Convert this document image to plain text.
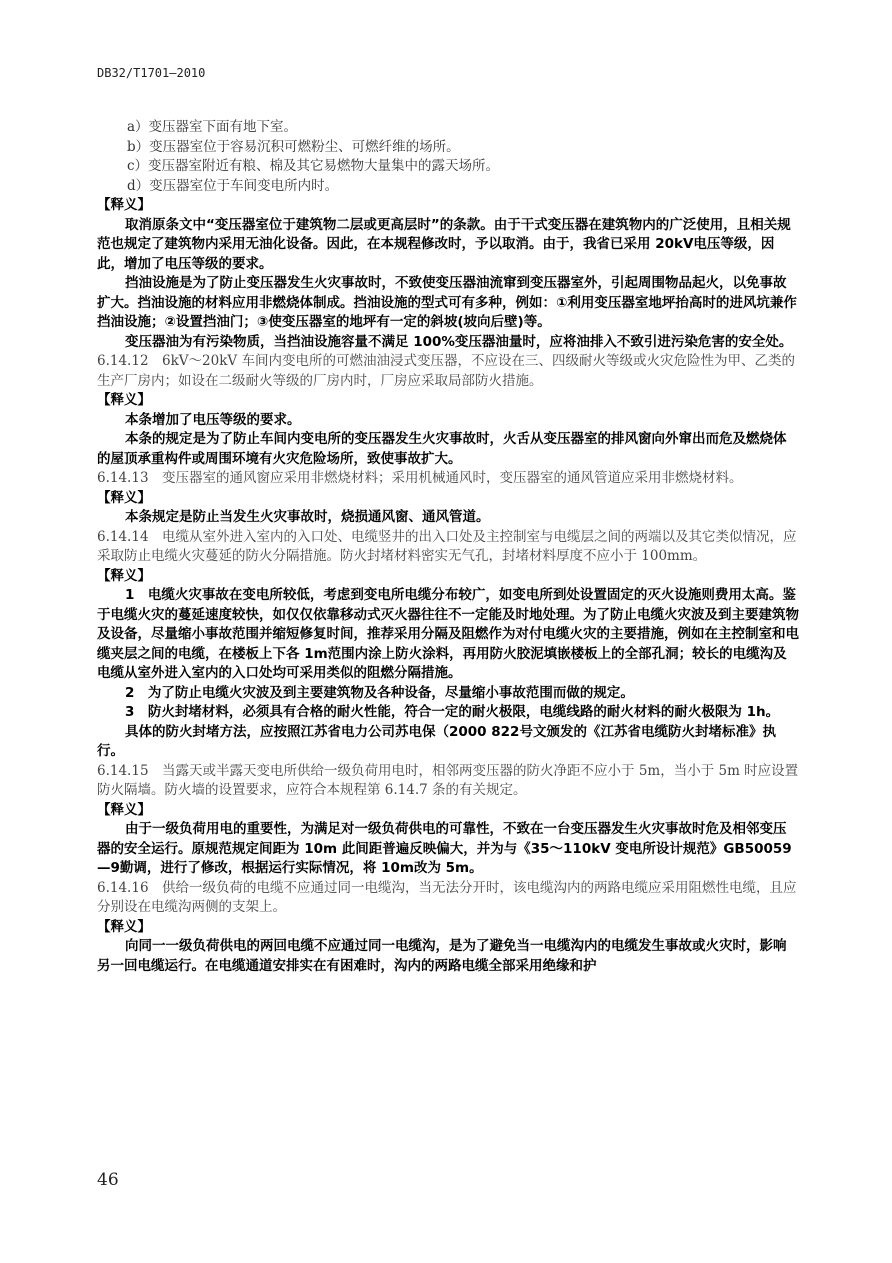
DB32/T1701—2010

a）变压器室下面有地下室。

b）变压器室位于容易沉积可燃粉尘、可燃纤维的场所。

c）变压器室附近有粮、棉及其它易燃物大量集中的露天场所。

d）变压器室位于车间变电所内时。

【释义】

取消原条文中“变压器室位于建筑物二层或更高层时”的条款。由于干式变压器在建筑物内的广泛使用，且相关规范也规定了建筑物内采用无油化设备。因此，在本规程修改时，予以取消。由于，我省已采用 20kV电压等级，因此，增加了电压等级的要求。

挡油设施是为了防止变压器发生火灾事故时，不致使变压器油流窜到变压器室外，引起周围物品起火，以免事故扩大。挡油设施的材料应用非燃烧体制成。挡油设施的型式可有多种，例如：①利用变压器室地坪抬高时的进风坑兼作挡油设施；②设置挡油门；③使变压器室的地坪有一定的斜坡(坡向后壁)等。

变压器油为有污染物质，当挡油设施容量不满足 100%变压器油量时，应将油排入不致引进污染危害的安全处。

6.14.12　6kV～20kV 车间内变电所的可燃油油浸式变压器，不应设在三、四级耐火等级或火灾危险性为甲、乙类的生产厂房内；如设在二级耐火等级的厂房内时，厂房应采取局部防火措施。

【释义】

本条增加了电压等级的要求。

本条的规定是为了防止车间内变电所的变压器发生火灾事故时，火舌从变压器室的排风窗向外窜出而危及燃烧体的屋顶承重构件或周围环境有火灾危险场所，致使事故扩大。

6.14.13　变压器室的通风窗应采用非燃烧材料；采用机械通风时，变压器室的通风管道应采用非燃烧材料。

【释义】

本条规定是防止当发生火灾事故时，烧损通风窗、通风管道。

6.14.14　电缆从室外进入室内的入口处、电缆竖井的出入口处及主控制室与电缆层之间的两端以及其它类似情况，应采取防止电缆火灾蔓延的防火分隔措施。防火封堵材料密实无气孔，封堵材料厚度不应小于 100mm。

【释义】

1　电缆火灾事故在变电所较低，考虑到变电所电缆分布较广，如变电所到处设置固定的灭火设施则费用太高。鉴于电缆火灾的蔓延速度较快，如仅仅依靠移动式灭火器往往不一定能及时地处理。为了防止电缆火灾波及到主要建筑物及设备，尽量缩小事故范围并缩短修复时间，推荐采用分隔及阻燃作为对付电缆火灾的主要措施，例如在主控制室和电缆夹层之间的电缆，在楼板上下各 1m范围内涂上防火涂料，再用防火胶泥填嵌楼板上的全部孔洞；较长的电缆沟及电缆从室外进入室内的入口处均可采用类似的阻燃分隔措施。

2　为了防止电缆火灾波及到主要建筑物及各种设备，尽量缩小事故范围而做的规定。

3　防火封堵材料，必须具有合格的耐火性能，符合一定的耐火极限，电缆线路的耐火材料的耐火极限为 1h。

具体的防火封堵方法，应按照江苏省电力公司苏电保（2000 822号文颁发的《江苏省电缆防火封堵标准》执行。

6.14.15　当露天或半露天变电所供给一级负荷用电时，相邻两变压器的防火净距不应小于 5m，当小于 5m 时应设置防火隔墙。防火墙的设置要求，应符合本规程第 6.14.7 条的有关规定。

【释义】

由于一级负荷用电的重要性，为满足对一级负荷供电的可靠性，不致在一台变压器发生火灾事故时危及相邻变压器的安全运行。原规范规定间距为 10m 此间距普遍反映偏大，并为与《35～110kV 变电所设计规范》GB50059—9勤调，进行了修改，根据运行实际情况，将 10m改为 5m。

6.14.16　供给一级负荷的电缆不应通过同一电缆沟，当无法分开时，该电缆沟内的两路电缆应采用阻燃性电缆，且应分别设在电缆沟两侧的支架上。

【释义】

向同一一级负荷供电的两回电缆不应通过同一电缆沟，是为了避免当一电缆沟内的电缆发生事故或火灾时，影响另一回电缆运行。在电缆通道安排实在有困难时，沟内的两路电缆全部采用绝缘和护

46
